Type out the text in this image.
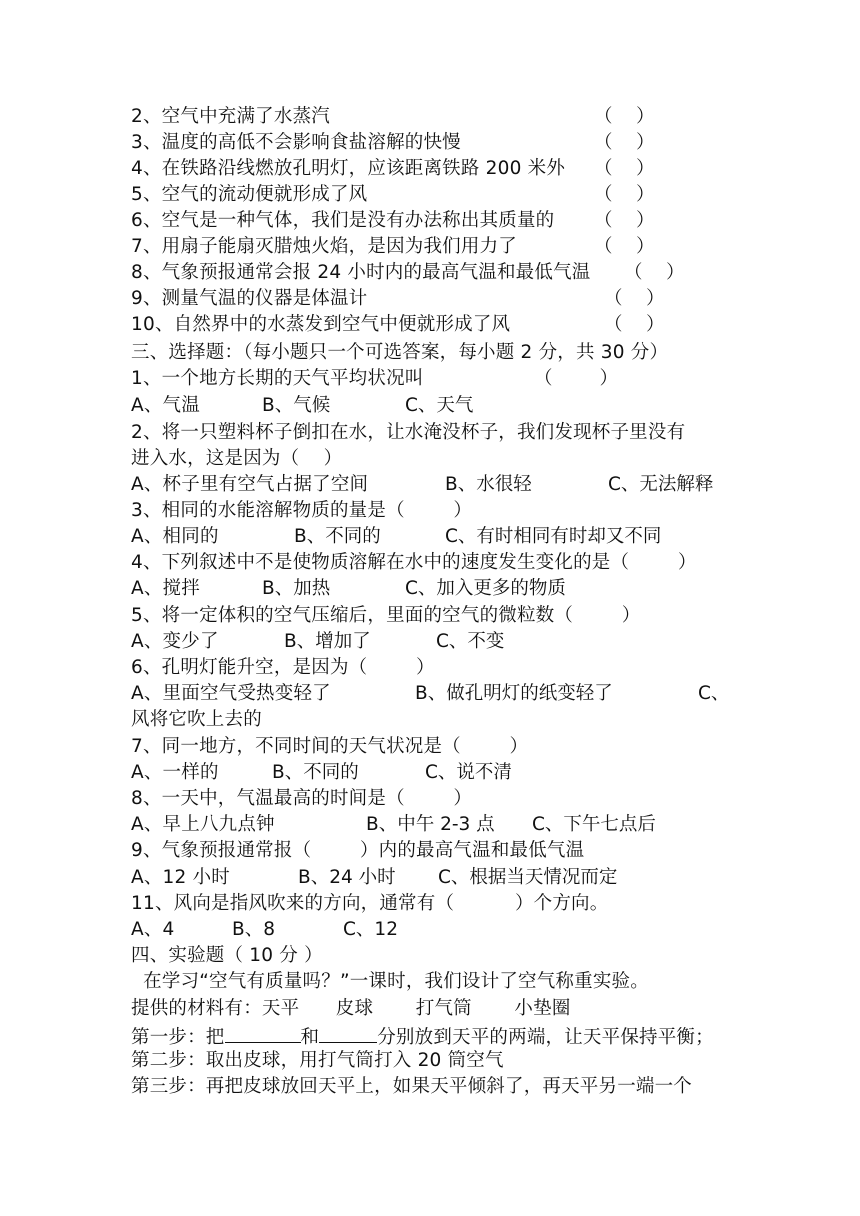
2、空气中充满了水蒸汽	（    ）
3、温度的高低不会影响食盐溶解的快慢	（    ）
4、在铁路沿线燃放孔明灯，应该距离铁路 200 米外 （    ）
5、空气的流动便就形成了风	（    ）
6、空气是一种气体，我们是没有办法称出其质量的 （    ）
7、用扇子能扇灭腊烛火焰，是因为我们用力了	（    ）
8、气象预报通常会报 24 小时内的最高气温和最低气温 （    ）
9、测量气温的仪器是体温计	（    ）
10、自然界中的水蒸发到空气中便就形成了风	（    ）
三、选择题：（每小题只一个可选答案，每小题 2 分，共 30 分）
1、一个地方长期的天气平均状况叫	（        ）
A、气温	B、气候	C、天气
2、将一只塑料杯子倒扣在水，让水淹没杯子，我们发现杯子里没有
进入水，这是因为（    ）
A、杯子里有空气占据了空间	B、水很轻	C、无法解释
3、相同的水能溶解物质的量是（        ）
A、相同的	B、不同的	C、有时相同有时却又不同
4、下列叙述中不是使物质溶解在水中的速度发生变化的是（        ）
A、搅拌	B、加热	C、加入更多的物质
5、将一定体积的空气压缩后，里面的空气的微粒数（        ）
A、变少了	B、增加了	C、不变
6、孔明灯能升空，是因为（        ）
A、里面空气受热变轻了	B、做孔明灯的纸变轻了	C、
风将它吹上去的
7、同一地方，不同时间的天气状况是（        ）
A、一样的	B、不同的	C、说不清
8、一天中，气温最高的时间是（        ）
A、早上八九点钟	B、中午 2-3 点 C、下午七点后
9、气象预报通常报（        ）内的最高气温和最低气温
A、12 小时	B、24 小时 C、根据当天情况而定
11、风向是指风吹来的方向，通常有（          ）个方向。
A、4	B、8	C、12
四、实验题（ 10 分 ）
在学习“空气有质量吗？”一课时，我们设计了空气称重实验。
提供的材料有：天平      皮球       打气筒       小垫圈
第一步：把	和	分别放到天平的两端，让天平保持平衡；
第二步：取出皮球，用打气筒打入 20 筒空气
第三步：再把皮球放回天平上，如果天平倾斜了，再天平另一端一个
